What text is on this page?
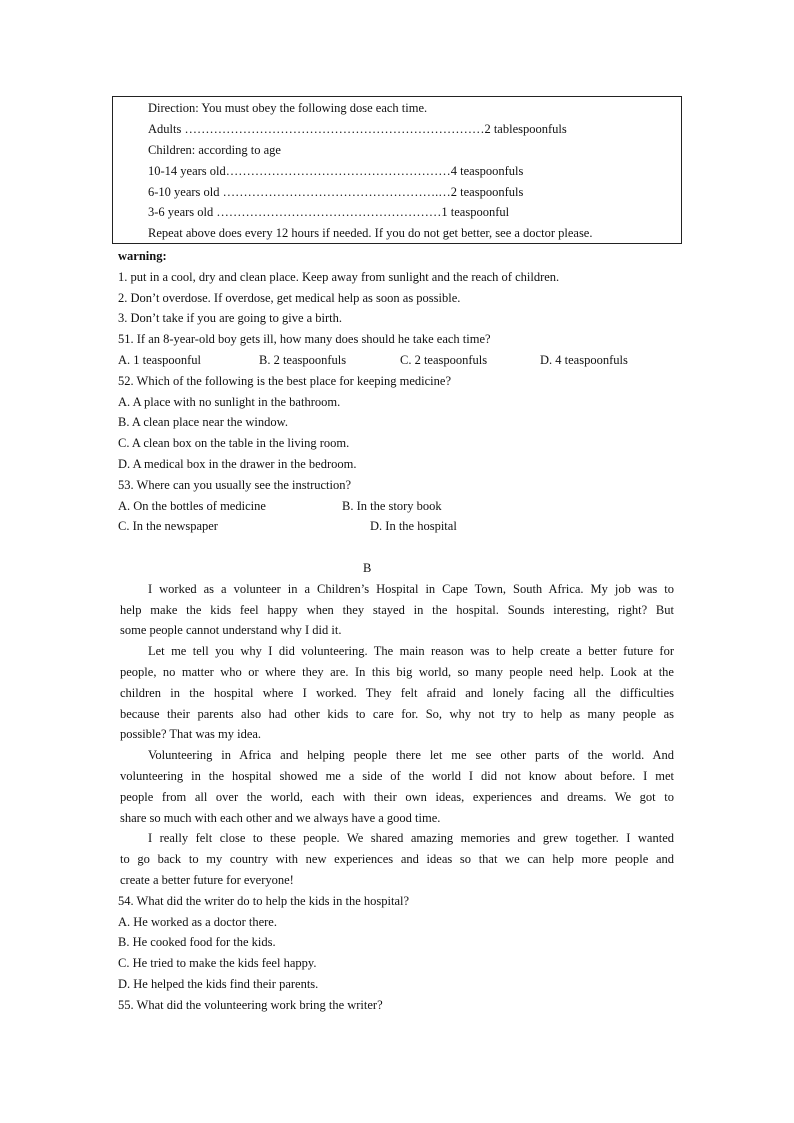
Direction: You must obey the following dose each time.
Adults ………………………………………………………………2 tablespoonfuls
Children: according to age
10-14 years old………………………………………………4 teaspoonfuls
6-10 years old …………………………………………….…2 teaspoonfuls
3-6 years old ………………………………………………1 teaspoonful
Repeat above does every 12 hours if needed. If you do not get better, see a doctor please.
warning:
1. put in a cool, dry and clean place. Keep away from sunlight and the reach of children.
2. Don’t overdose. If overdose, get medical help as soon as possible.
3. Don’t take if you are going to give a birth.
51. If an 8-year-old boy gets ill, how many does should he take each time?
A. 1 teaspoonful	B. 2 teaspoonfuls	C. 2 teaspoonfuls	D. 4 teaspoonfuls
52. Which of the following is the best place for keeping medicine?
A. A place with no sunlight in the bathroom.
B. A clean place near the window.
C. A clean box on the table in the living room.
D. A medical box in the drawer in the bedroom.
53. Where can you usually see the instruction?
A. On the bottles of medicine	B. In the story book
C. In the newspaper	D. In the hospital
B
I worked as a volunteer in a Children’s Hospital in Cape Town, South Africa. My job was to
help make the kids feel happy when they stayed in the hospital. Sounds interesting, right? But
some people cannot understand why I did it.
Let me tell you why I did volunteering. The main reason was to help create a better future for
people, no matter who or where they are. In this big world, so many people need help. Look at the
children in the hospital where I worked. They felt afraid and lonely facing all the difficulties
because their parents also had other kids to care for. So, why not try to help as many people as
possible? That was my idea.
Volunteering in Africa and helping people there let me see other parts of the world. And
volunteering in the hospital showed me a side of the world I did not know about before. I met
people from all over the world, each with their own ideas, experiences and dreams. We got to
share so much with each other and we always have a good time.
I really felt close to these people. We shared amazing memories and grew together. I wanted
to go back to my country with new experiences and ideas so that we can help more people and
create a better future for everyone!
54. What did the writer do to help the kids in the hospital?
A. He worked as a doctor there.
B. He cooked food for the kids.
C. He tried to make the kids feel happy.
D. He helped the kids find their parents.
55. What did the volunteering work bring the writer?
